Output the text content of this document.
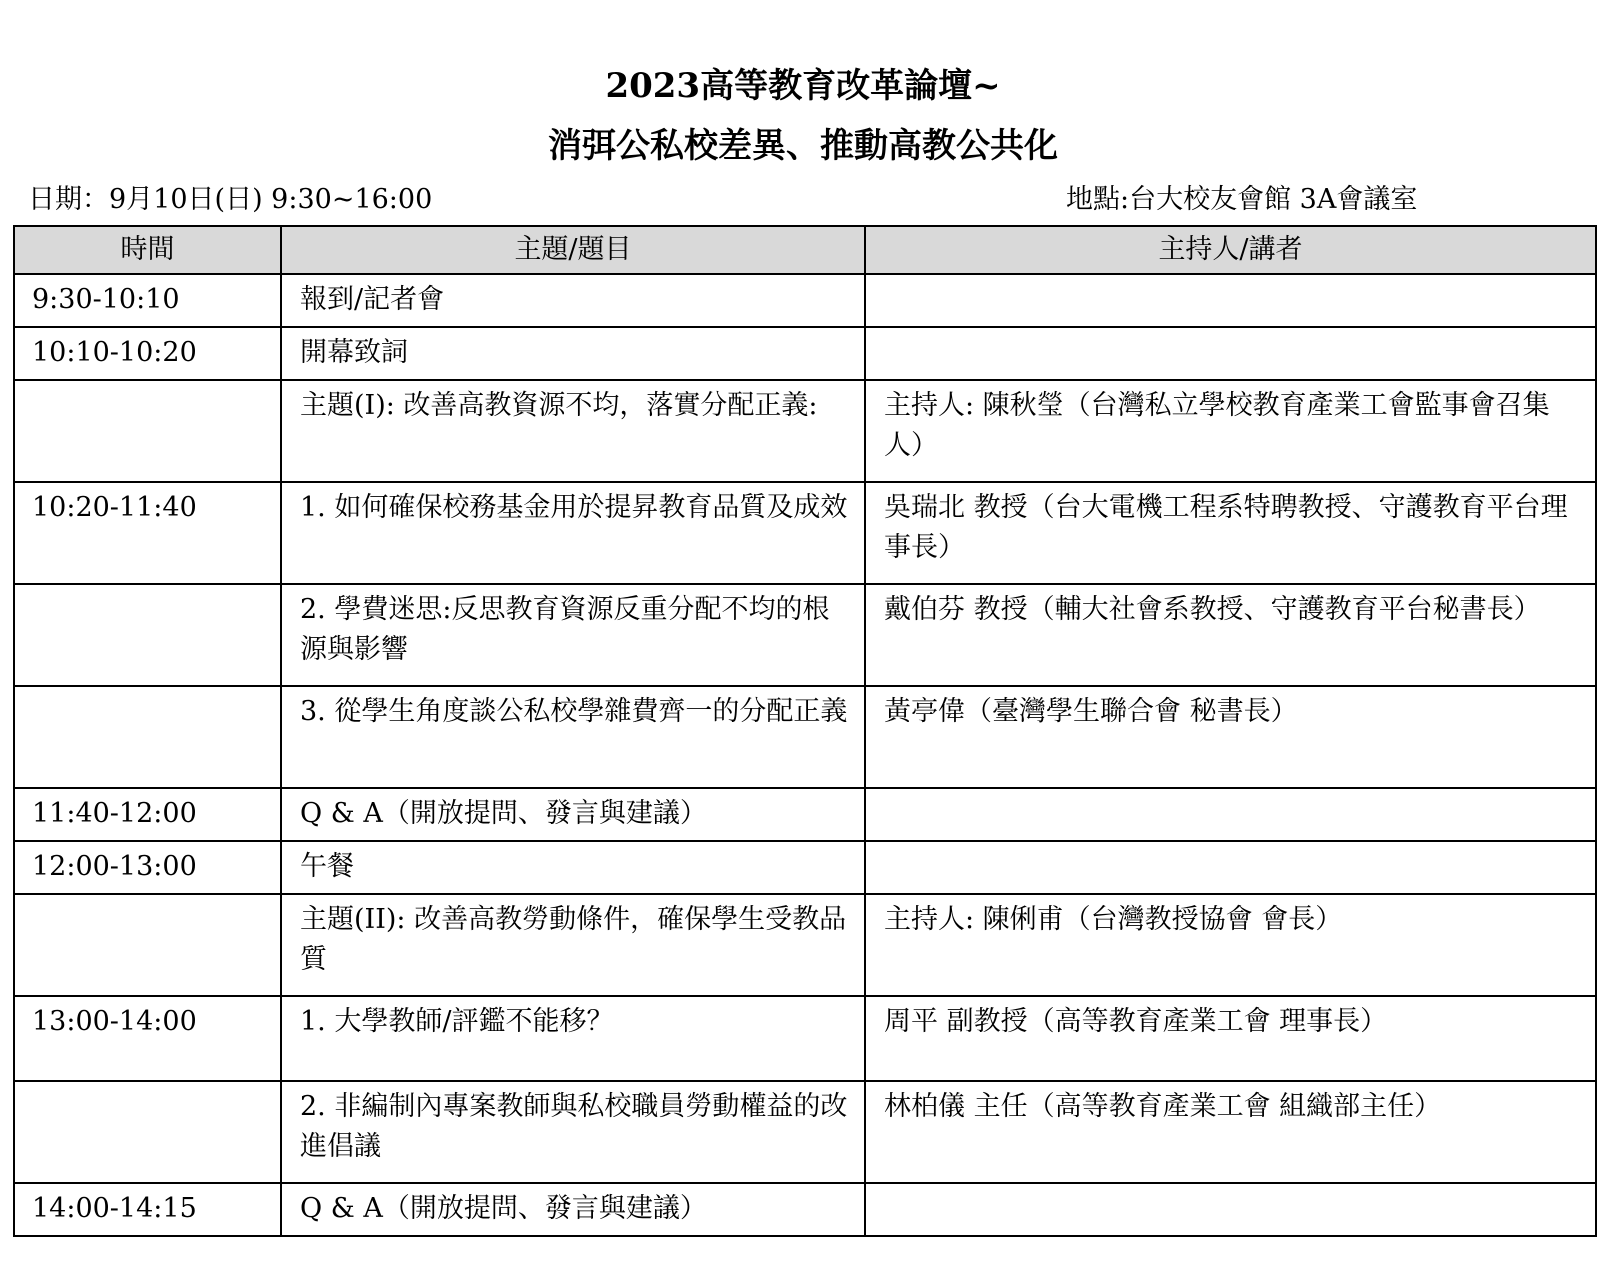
2023高等教育改革論壇~
消弭公私校差異、推動高教公共化
日期：9月10日(日) 9:30~16:00	地點:台大校友會館 3A會議室
時間	主題/題目	主持人/講者
9:30-10:10	報到/記者會	
10:10-10:20	開幕致詞	
	主題(I): 改善高教資源不均，落實分配正義:	主持人: 陳秋瑩（台灣私立學校教育產業工會監事會召集人）
10:20-11:40	1. 如何確保校務基金用於提昇教育品質及成效	吳瑞北 教授（台大電機工程系特聘教授、守護教育平台理事長）
	2. 學費迷思:反思教育資源反重分配不均的根源與影響	戴伯芬 教授（輔大社會系教授、守護教育平台秘書長）
	3. 從學生角度談公私校學雜費齊一的分配正義	黃亭偉（臺灣學生聯合會 秘書長）
11:40-12:00	Q & A（開放提問、發言與建議）	
12:00-13:00	午餐	
	主題(II): 改善高教勞動條件，確保學生受教品質	主持人: 陳俐甫（台灣教授協會 會長）
13:00-14:00	1. 大學教師/評鑑不能移？	周平 副教授（高等教育產業工會 理事長）
	2. 非編制內專案教師與私校職員勞動權益的改進倡議	林柏儀 主任（高等教育產業工會 組織部主任）
14:00-14:15	Q & A（開放提問、發言與建議）	
